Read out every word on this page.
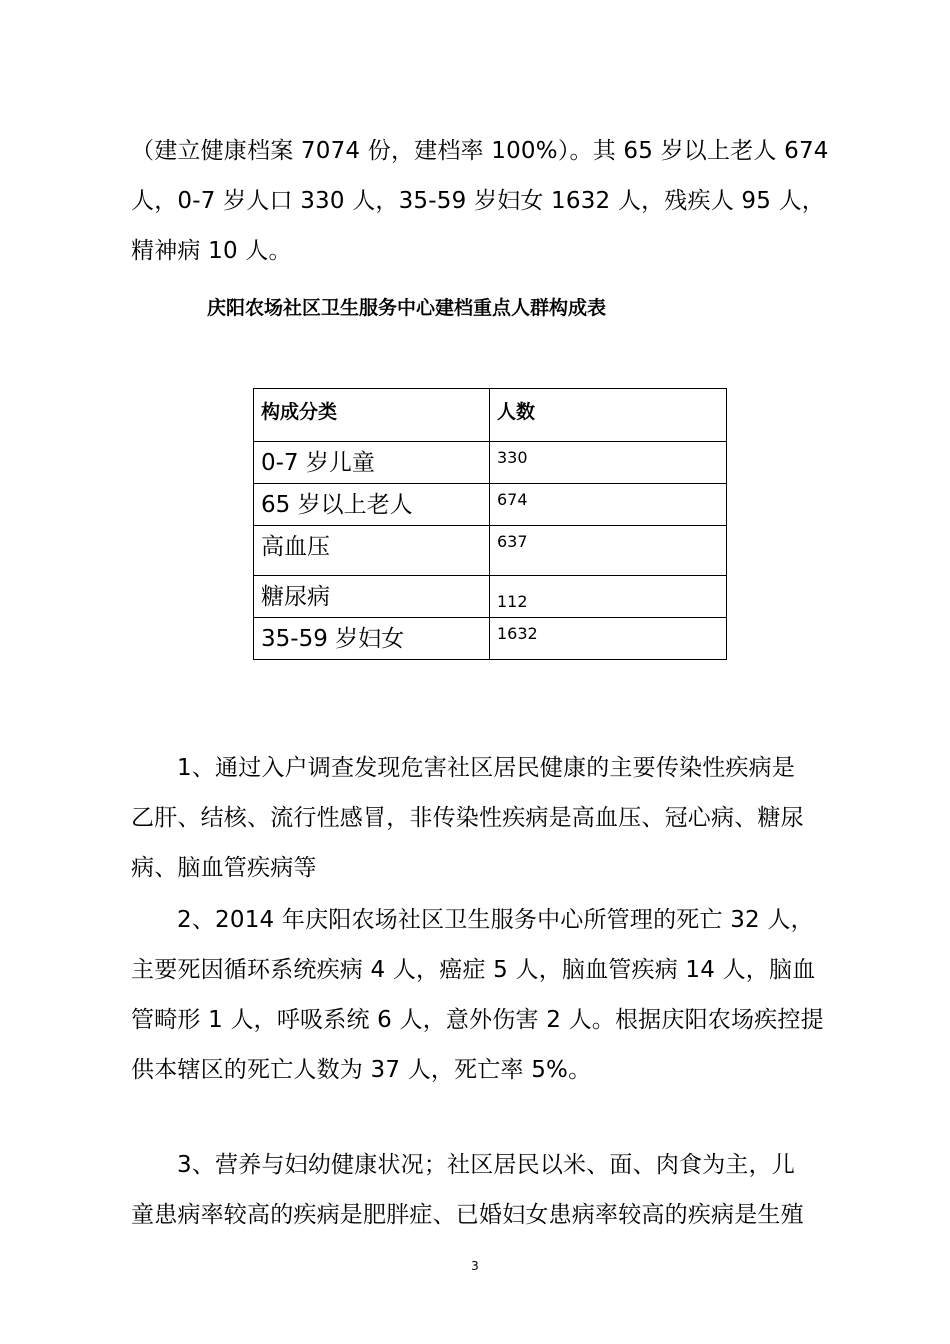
（建立健康档案 7074 份，建档率 100%）。其 65 岁以上老人 674
人，0-7 岁人口 330 人，35-59 岁妇女 1632 人，残疾人 95 人，
精神病 10 人。
庆阳农场社区卫生服务中心建档重点人群构成表
构成分类	人数
0-7 岁儿童	330
65 岁以上老人	674
高血压	637
糖尿病	112
35-59 岁妇女	1632
1、通过入户调查发现危害社区居民健康的主要传染性疾病是
乙肝、结核、流行性感冒，非传染性疾病是高血压、冠心病、糖尿
病、脑血管疾病等
2、2014 年庆阳农场社区卫生服务中心所管理的死亡 32 人，
主要死因循环系统疾病 4 人，癌症 5 人，脑血管疾病 14 人，脑血
管畸形 1 人，呼吸系统 6 人，意外伤害 2 人。根据庆阳农场疾控提
供本辖区的死亡人数为 37 人，死亡率 5%。
3、营养与妇幼健康状况；社区居民以米、面、肉食为主，儿
童患病率较高的疾病是肥胖症、已婚妇女患病率较高的疾病是生殖
3
